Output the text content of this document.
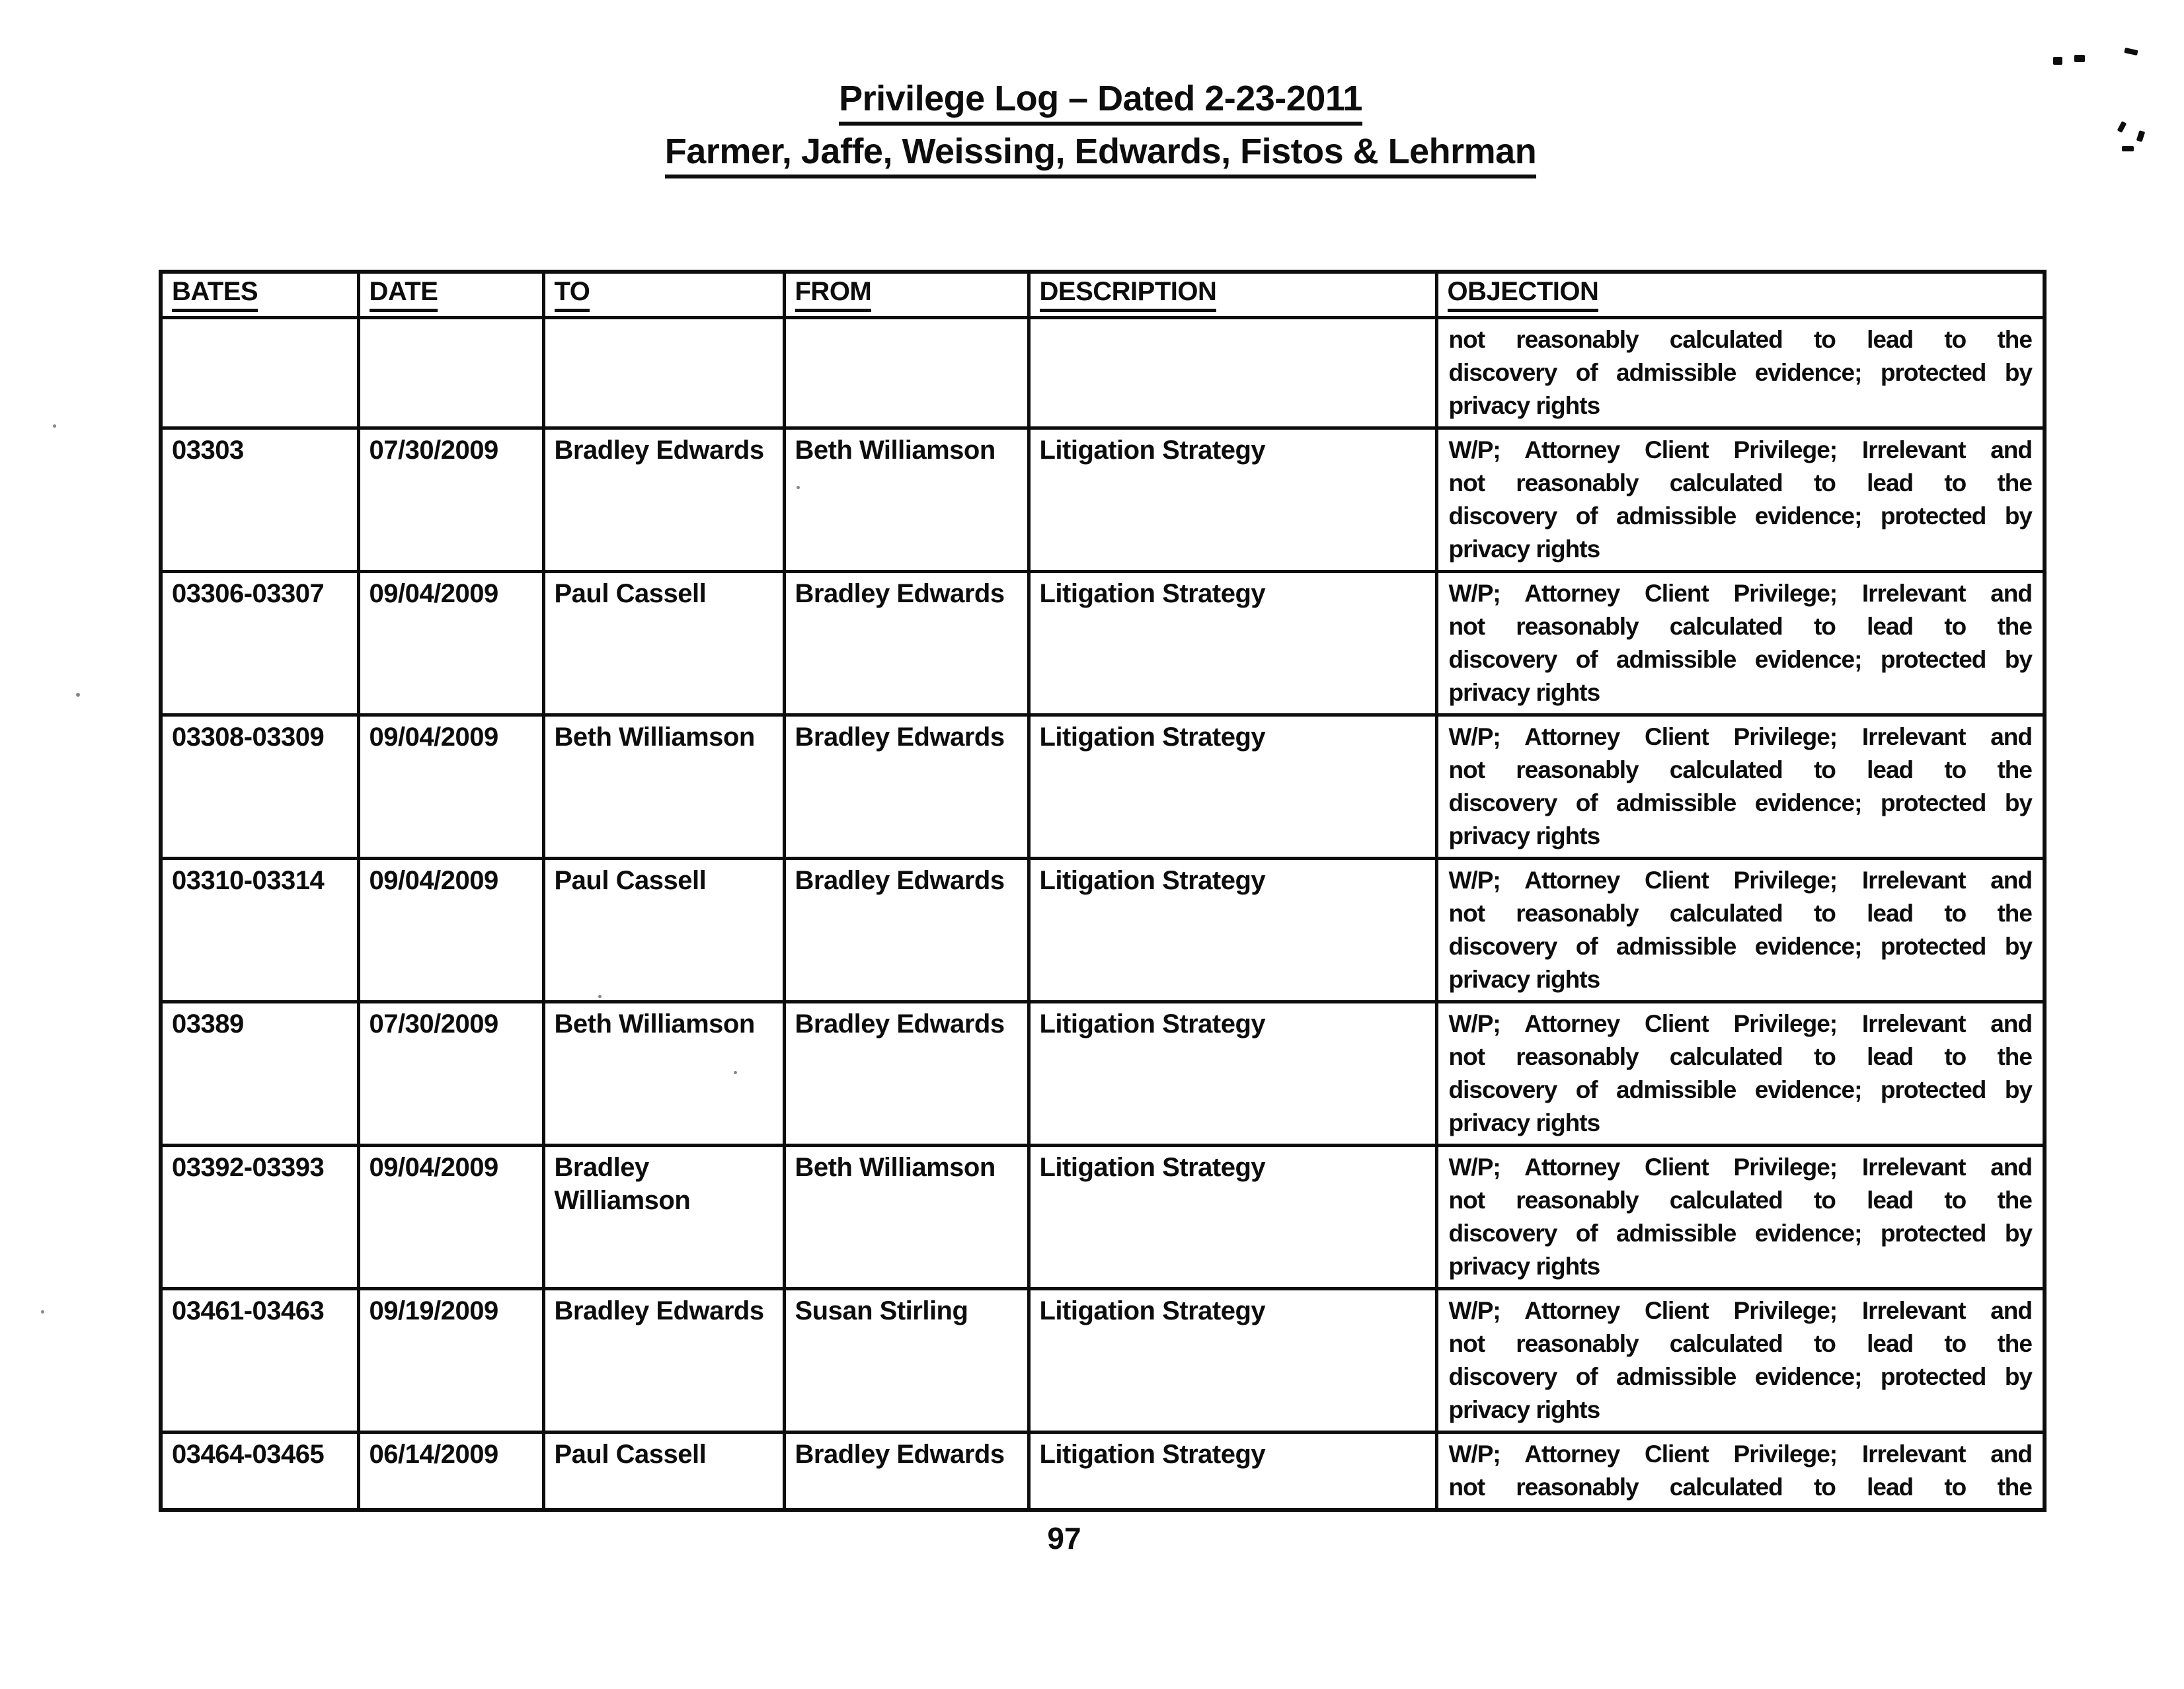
Privilege Log – Dated 2-23-2011
Farmer, Jaffe, Weissing, Edwards, Fistos & Lehrman
BATES	DATE	TO	FROM	DESCRIPTION	OBJECTION

					not reasonably calculated to lead to the
discovery of admissible evidence; protected by
privacy rights

03303	07/30/2009	Bradley Edwards	Beth Williamson	Litigation Strategy	W/P; Attorney Client Privilege; Irrelevant and
not reasonably calculated to lead to the
discovery of admissible evidence; protected by
privacy rights

03306-03307	09/04/2009	Paul Cassell	Bradley Edwards	Litigation Strategy	W/P; Attorney Client Privilege; Irrelevant and
not reasonably calculated to lead to the
discovery of admissible evidence; protected by
privacy rights

03308-03309	09/04/2009	Beth Williamson	Bradley Edwards	Litigation Strategy	W/P; Attorney Client Privilege; Irrelevant and
not reasonably calculated to lead to the
discovery of admissible evidence; protected by
privacy rights

03310-03314	09/04/2009	Paul Cassell	Bradley Edwards	Litigation Strategy	W/P; Attorney Client Privilege; Irrelevant and
not reasonably calculated to lead to the
discovery of admissible evidence; protected by
privacy rights

03389	07/30/2009	Beth Williamson	Bradley Edwards	Litigation Strategy	W/P; Attorney Client Privilege; Irrelevant and
not reasonably calculated to lead to the
discovery of admissible evidence; protected by
privacy rights

03392-03393	09/04/2009	Bradley Williamson	Beth Williamson	Litigation Strategy	W/P; Attorney Client Privilege; Irrelevant and
not reasonably calculated to lead to the
discovery of admissible evidence; protected by
privacy rights

03461-03463	09/19/2009	Bradley Edwards	Susan Stirling	Litigation Strategy	W/P; Attorney Client Privilege; Irrelevant and
not reasonably calculated to lead to the
discovery of admissible evidence; protected by
privacy rights

03464-03465	06/14/2009	Paul Cassell	Bradley Edwards	Litigation Strategy	W/P; Attorney Client Privilege; Irrelevant and
not reasonably calculated to lead to the
97
